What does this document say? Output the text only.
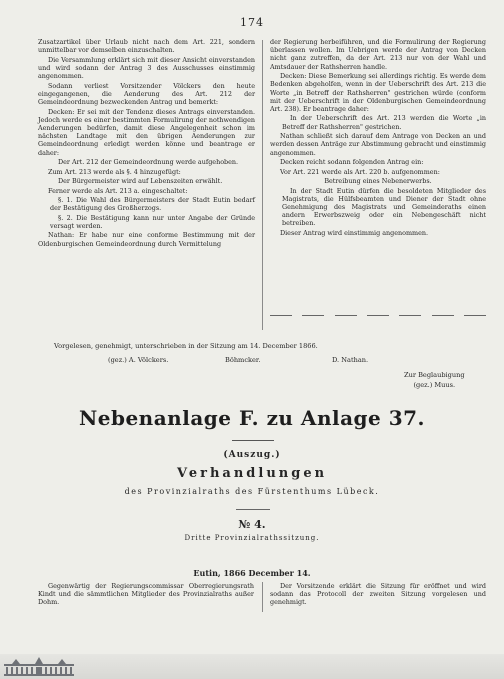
174

Zusatzartikel über Urlaub nicht nach dem Art. 221, sondern unmittelbar vor demselben einzuschalten.

Die Versammlung erklärt sich mit dieser Ansicht einverstanden und wird sodann der Antrag 3 des Ausschusses einstimmig angenommen.

Sodann verliest Vorsitzender Völckers den heute eingegangenen, die Aenderung des Art. 212 der Gemeindeordnung bezweckenden Antrag und bemerkt:

Decken: Er sei mit der Tendenz dieses Antrags einverstanden. Jedoch werde es einer bestimmten Formulirung der nothwendigen Aenderungen bedürfen, damit diese Angelegenheit schon im nächsten Landtage mit den übrigen Aenderungen zur Gemeindeordnung erledigt werden könne und beantrage er daher:

Der Art. 212 der Gemeindeordnung werde aufgehoben.

Zum Art. 213 werde als §. 4 hinzugefügt:

Der Bürgermeister wird auf Lebenszeiten erwählt.

Ferner werde als Art. 213 a. eingeschaltet:

§. 1. Die Wahl des Bürgermeisters der Stadt Eutin bedarf der Bestätigung des Großherzogs.

§. 2. Die Bestätigung kann nur unter Angabe der Gründe versagt werden.

Nathan: Er habe nur eine conforme Bestimmung mit der Oldenburgischen Gemeindeordnung durch Vermittelung

der Regierung herbeiführen, und die Formulirung der Regierung überlassen wollen. Im Uebrigen werde der Antrag von Decken nicht ganz zutreffen, da der Art. 213 nur von der Wahl und Amtsdauer der Rathsherren handle.

Decken: Diese Bemerkung sei allerdings richtig. Es werde dem Bedenken abgeholfen, wenn in der Ueberschrift des Art. 213 die Worte „in Betreff der Rathsherren" gestrichen würde (conform mit der Ueberschrift in der Oldenburgischen Gemeindeordnung Art. 238). Er beantrage daher:

In der Ueberschrift des Art. 213 werden die Worte „in Betreff der Rathsherren" gestrichen.

Nathan schließt sich darauf dem Antrage von Decken an und werden dessen Anträge zur Abstimmung gebracht und einstimmig angenommen.

Decken reicht sodann folgenden Antrag ein:

Vor Art. 221 werde als Art. 220 b. aufgenommen:

Betreibung eines Nebenerwerbs.

In der Stadt Eutin dürfen die besoldeten Mitglieder des Magistrats, die Hülfsbeamten und Diener der Stadt ohne Genehmigung des Magistrats und Gemeinderaths einen andern Erwerbszweig oder ein Nebengeschäft nicht betreiben.

Dieser Antrag wird einstimmig angenommen.

Vorgelesen, genehmigt, unterschrieben in der Sitzung am 14. December 1866.
(gez.) A. Völckers.	Böhmcker.	D. Nathan.
Zur Beglaubigung
(gez.) Muus.
Nebenanlage F. zu Anlage 37.
(Auszug.)
Verhandlungen
des Provinzialraths des Fürstenthums Lübeck.
№ 4.
Dritte Provinzialrathssitzung.
Eutin, 1866 December 14.

Gegenwärtig der Regierungscommissar Oberregierungsrath Kindt und die sämmtlichen Mitglieder des Provinzialraths außer Dohm.

Der Vorsitzende erklärt die Sitzung für eröffnet und wird sodann das Protocoll der zweiten Sitzung vorgelesen und genehmigt.
